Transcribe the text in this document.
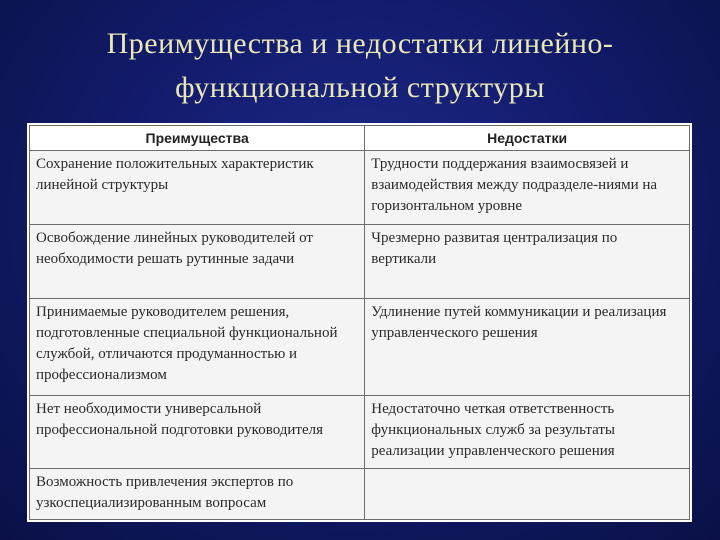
Преимущества и недостатки линейно-
функциональной структуры
Преимущества	Недостатки
Сохранение положительных характеристик линейной структуры	Трудности поддержания взаимосвязей и взаимодействия между подразделе-ниями на горизонтальном уровне
Освобождение линейных руководителей от необходимости решать рутинные задачи	Чрезмерно развитая централизация по вертикали
Принимаемые руководителем решения, подготовленные специальной функциональной службой, отличаются продуманностью и профессионализмом	Удлинение путей коммуникации и реализация управленческого решения
Нет необходимости универсальной профессиональной подготовки руководителя	Недостаточно четкая ответственность функциональных служб за результаты реализации управленческого решения
Возможность привлечения экспертов по узкоспециализированным вопросам	
